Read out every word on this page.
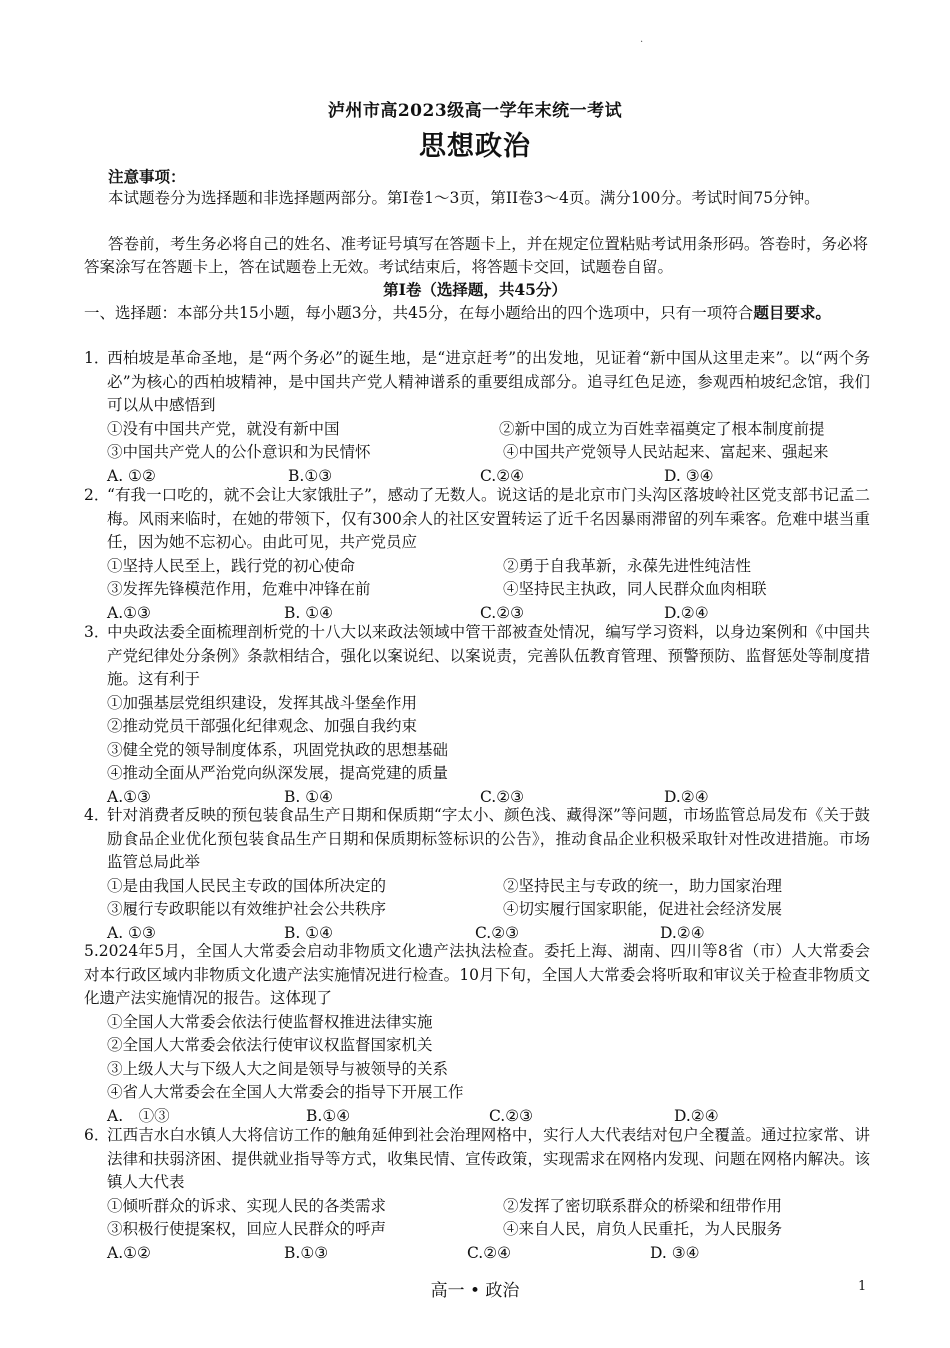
.
泸州市高2023级高一学年末统一考试
思想政治
注意事项：
本试题卷分为选择题和非选择题两部分。第I卷1～3页，第II卷3～4页。满分100分。考试时间75分钟。
答卷前，考生务必将自己的姓名、准考证号填写在答题卡上，并在规定位置粘贴考试用条形码。答卷时，务必将答案涂写在答题卡上，答在试题卷上无效。考试结束后，将答题卡交回，试题卷自留。
第I卷（选择题，共45分）
一、选择题：本部分共15小题，每小题3分，共45分，在每小题给出的四个选项中，只有一项符合题目要求。
1．西柏坡是革命圣地，是“两个务必”的诞生地，是“进京赶考”的出发地，见证着“新中国从这里走来”。以“两个务必”为核心的西柏坡精神，是中国共产党人精神谱系的重要组成部分。追寻红色足迹，参观西柏坡纪念馆，我们可以从中感悟到
①没有中国共产党，就没有新中国	②新中国的成立为百姓幸福奠定了根本制度前提
③中国共产党人的公仆意识和为民情怀	④中国共产党领导人民站起来、富起来、强起来
A. ①②	B.①③	C.②④	D. ③④
2．“有我一口吃的，就不会让大家饿肚子”，感动了无数人。说这话的是北京市门头沟区落坡岭社区党支部书记孟二梅。风雨来临时，在她的带领下，仅有300余人的社区安置转运了近千名因暴雨滞留的列车乘客。危难中堪当重任，因为她不忘初心。由此可见，共产党员应
①坚持人民至上，践行党的初心使命	②勇于自我革新，永葆先进性纯洁性
③发挥先锋模范作用，危难中冲锋在前	④坚持民主执政，同人民群众血肉相联
A.①③	B. ①④	C.②③	D.②④
3．中央政法委全面梳理剖析党的十八大以来政法领域中管干部被查处情况，编写学习资料，以身边案例和《中国共产党纪律处分条例》条款相结合，强化以案说纪、以案说责，完善队伍教育管理、预警预防、监督惩处等制度措施。这有利于
①加强基层党组织建设，发挥其战斗堡垒作用
②推动党员干部强化纪律观念、加强自我约束
③健全党的领导制度体系，巩固党执政的思想基础
④推动全面从严治党向纵深发展，提高党建的质量
A.①③	B. ①④	C.②③	D.②④
4．针对消费者反映的预包装食品生产日期和保质期“字太小、颜色浅、藏得深”等问题，市场监管总局发布《关于鼓励食品企业优化预包装食品生产日期和保质期标签标识的公告》，推动食品企业积极采取针对性改进措施。市场监管总局此举
①是由我国人民民主专政的国体所决定的	②坚持民主与专政的统一，助力国家治理
③履行专政职能以有效维护社会公共秩序	④切实履行国家职能，促进社会经济发展
A. ①③	B. ①④	C.②③	D.②④
5.2024年5月，全国人大常委会启动非物质文化遗产法执法检查。委托上海、湖南、四川等8省（市）人大常委会对本行政区域内非物质文化遗产法实施情况进行检查。10月下旬，全国人大常委会将听取和审议关于检查非物质文化遗产法实施情况的报告。这体现了
①全国人大常委会依法行使监督权推进法律实施
②全国人大常委会依法行使审议权监督国家机关
③上级人大与下级人大之间是领导与被领导的关系
④省人大常委会在全国人大常委会的指导下开展工作
A.　①③	B.①④	C.②③	D.②④
6．江西吉水白水镇人大将信访工作的触角延伸到社会治理网格中，实行人大代表结对包户全覆盖。通过拉家常、讲法律和扶弱济困、提供就业指导等方式，收集民情、宣传政策，实现需求在网格内发现、问题在网格内解决。该镇人大代表
①倾听群众的诉求、实现人民的各类需求	②发挥了密切联系群众的桥梁和纽带作用
③积极行使提案权，回应人民群众的呼声	④来自人民，肩负人民重托，为人民服务
A.①②	B.①③	C.②④	D. ③④
高一 • 政治	1
